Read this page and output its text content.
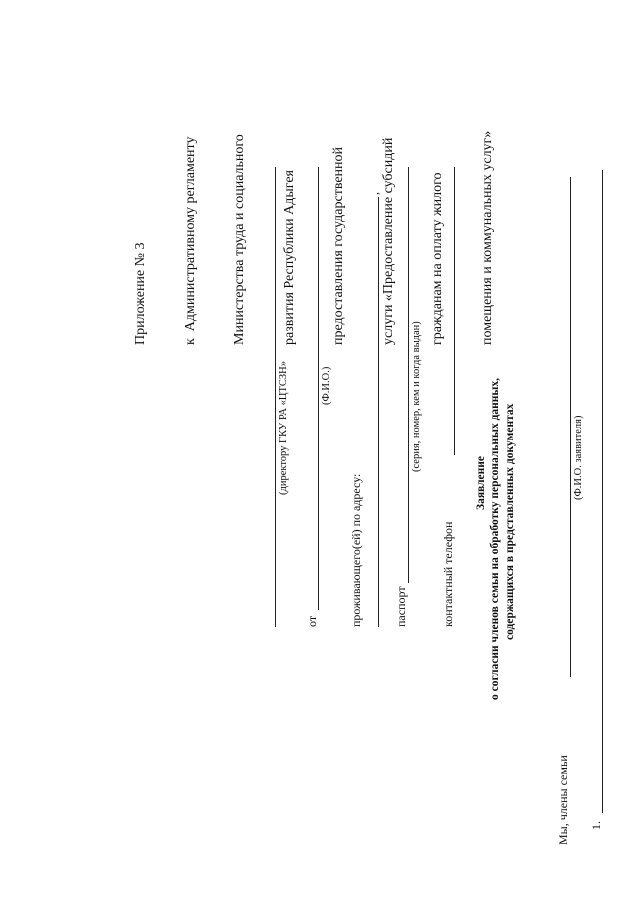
Приложение № 3

к  Административному регламенту

Министерства труда и социального

развития Республики Адыгея

предоставления государственной

услуги «Предоставление субсидий

гражданам на оплату жилого

помещения и коммунальных услуг»

(директору ГКУ РА «ЦТСЗН»
от
(Ф.И.О.)
проживающего(ей) по адресу:
,
паспорт
(серия, номер, кем и когда выдан)
контактный телефон
Заявление о согласии членов семьи на обработку персональных данных, содержащихся в представленных документах	(Ф.И.О. заявителя)
Мы, члены семьи 1.
